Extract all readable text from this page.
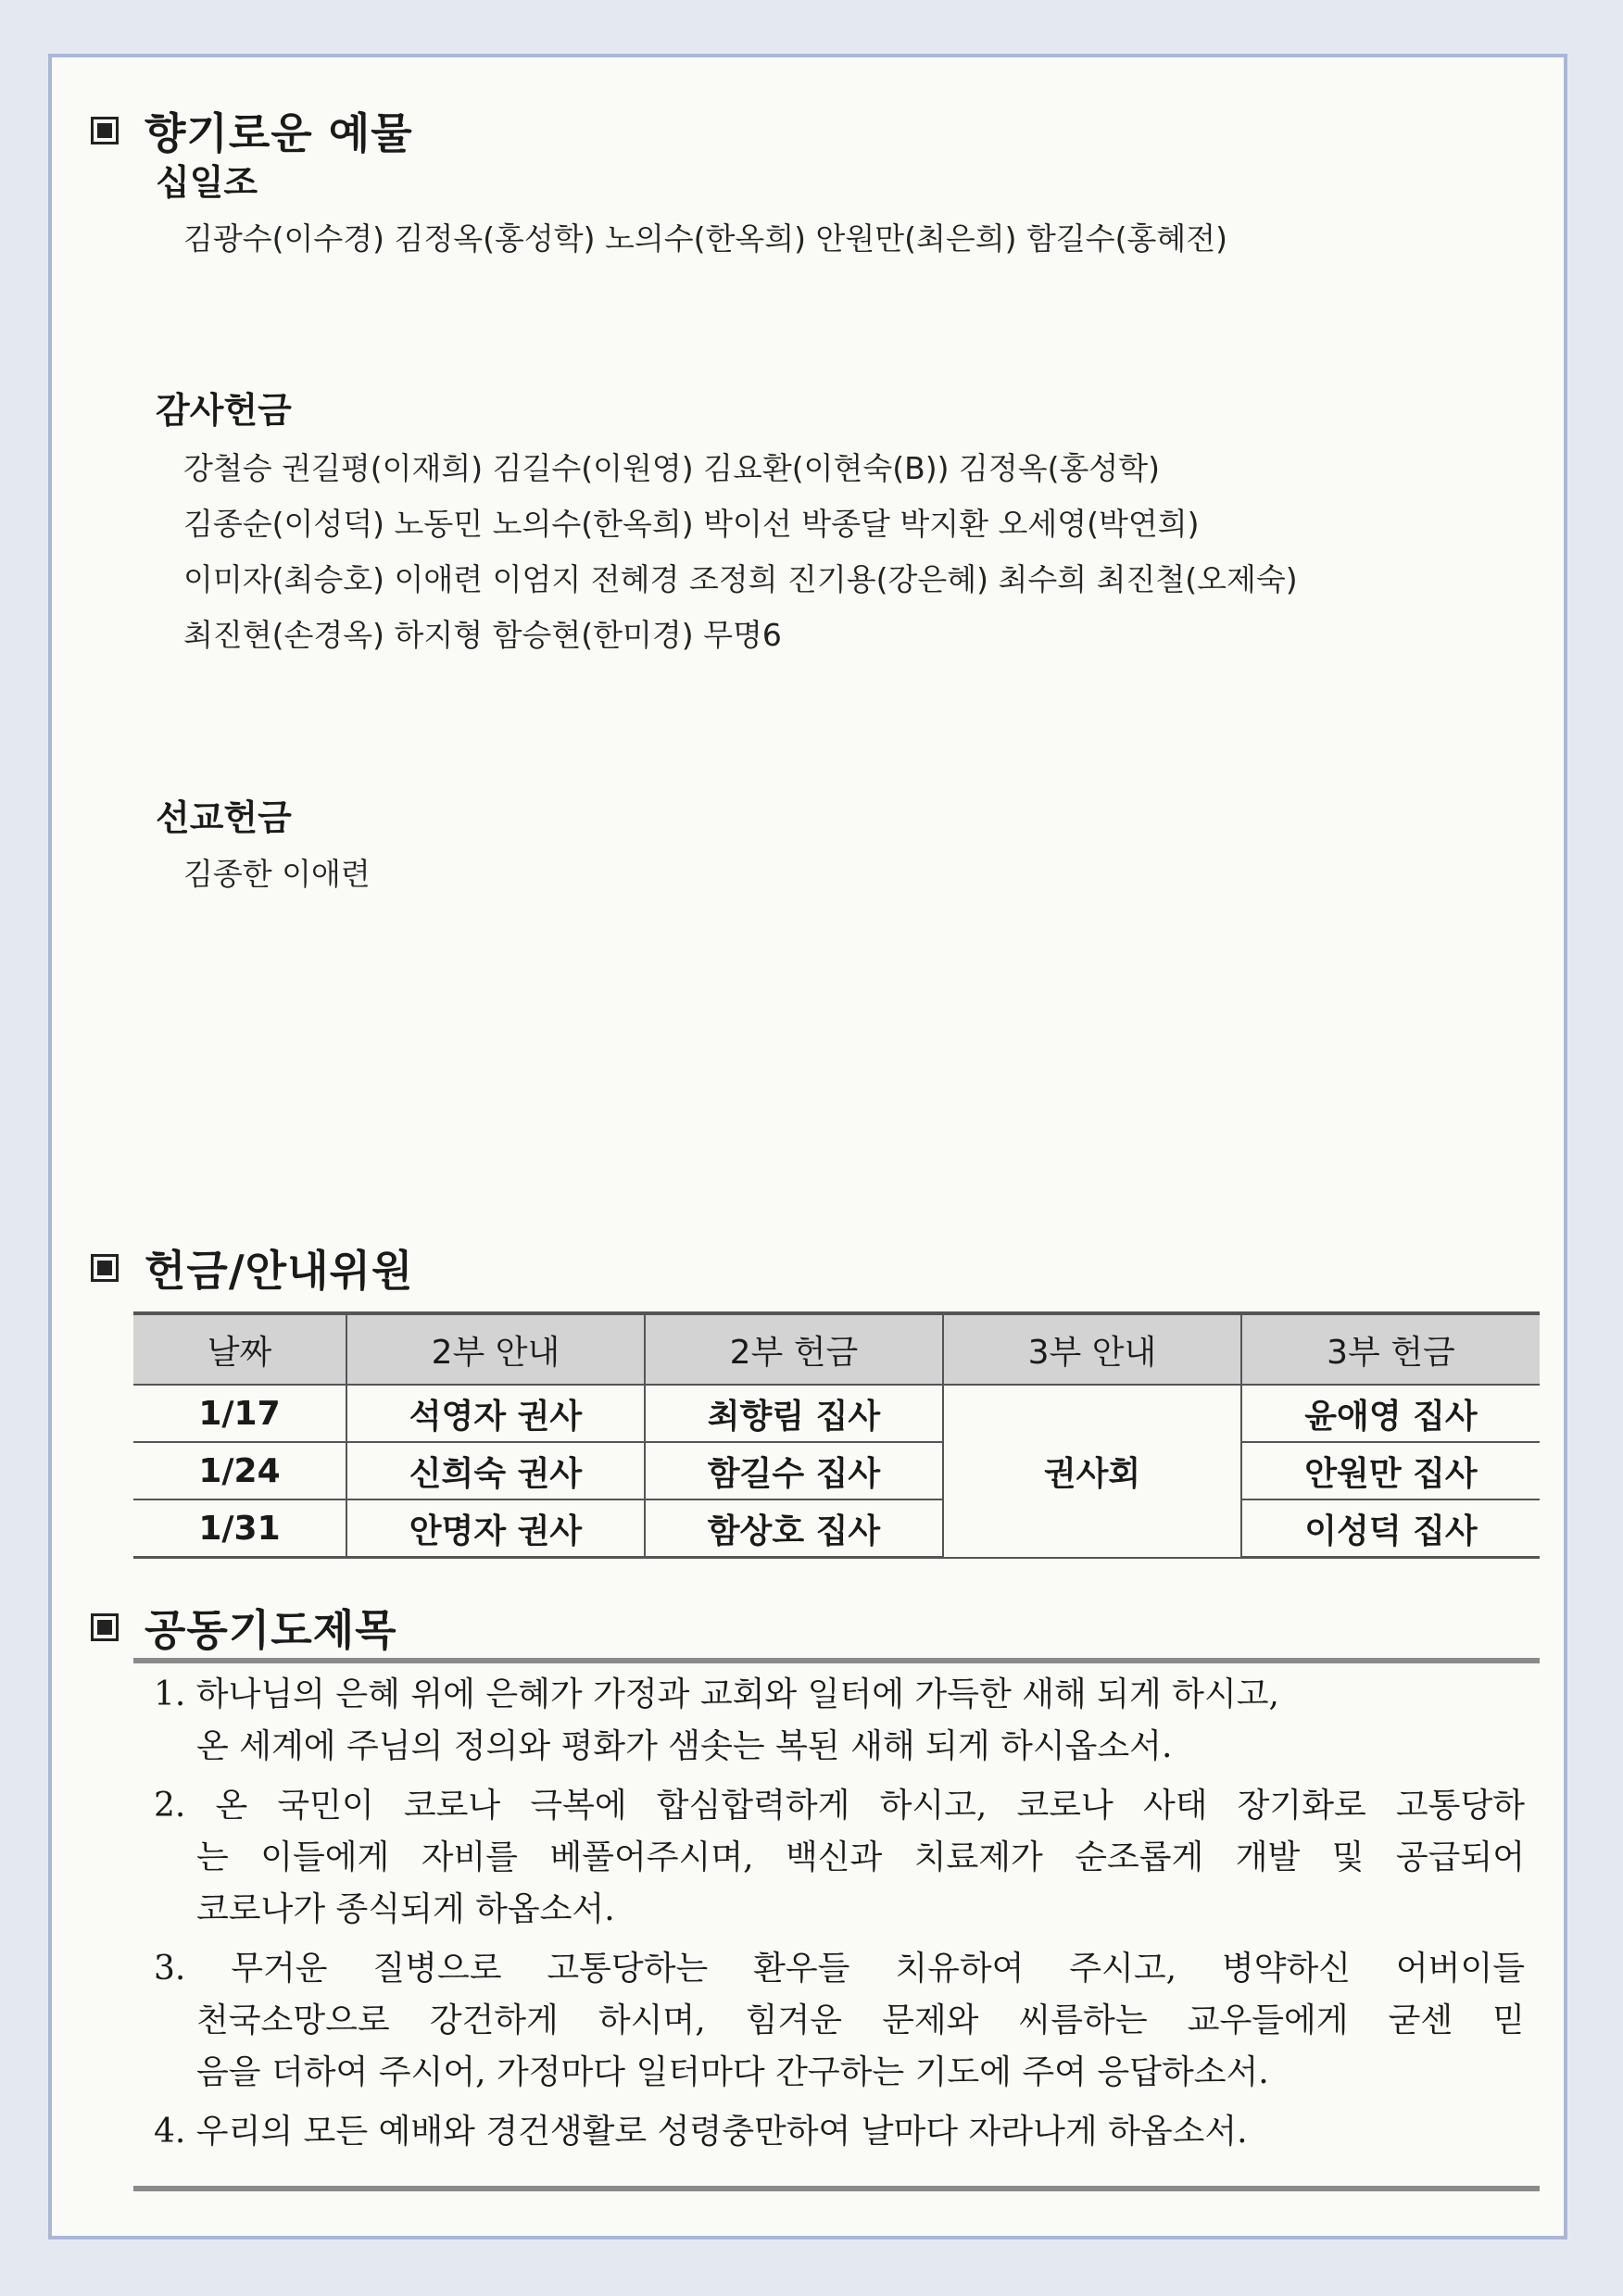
향기로운 예물
십일조
김광수(이수경) 김정옥(홍성학) 노의수(한옥희) 안원만(최은희) 함길수(홍혜전)
감사헌금
강철승 권길평(이재희) 김길수(이원영) 김요환(이현숙(B)) 김정옥(홍성학)
김종순(이성덕) 노동민 노의수(한옥희) 박이선 박종달 박지환 오세영(박연희)
이미자(최승호) 이애련 이엄지 전혜경 조정희 진기용(강은혜) 최수희 최진철(오제숙)
최진현(손경옥) 하지형 함승현(한미경) 무명6
선교헌금
김종한 이애련
헌금/안내위원
날짜	2부 안내	2부 헌금	3부 안내	3부 헌금
1/17	석영자 권사	최향림 집사	권사회	윤애영 집사
1/24	신희숙 권사	함길수 집사		안원만 집사
1/31	안명자 권사	함상호 집사		이성덕 집사
공동기도제목
1. 하나님의 은혜 위에 은혜가 가정과 교회와 일터에 가득한 새해 되게 하시고,
온 세계에 주님의 정의와 평화가 샘솟는 복된 새해 되게 하시옵소서.
2. 온 국민이 코로나 극복에 합심합력하게 하시고, 코로나 사태 장기화로 고통당하
는 이들에게 자비를 베풀어주시며, 백신과 치료제가 순조롭게 개발 및 공급되어
코로나가 종식되게 하옵소서.
3. 무거운 질병으로 고통당하는 환우들 치유하여 주시고, 병약하신 어버이들
천국소망으로 강건하게 하시며, 힘겨운 문제와 씨름하는 교우들에게 굳센 믿
음을 더하여 주시어, 가정마다 일터마다 간구하는 기도에 주여 응답하소서.
4. 우리의 모든 예배와 경건생활로 성령충만하여 날마다 자라나게 하옵소서.
